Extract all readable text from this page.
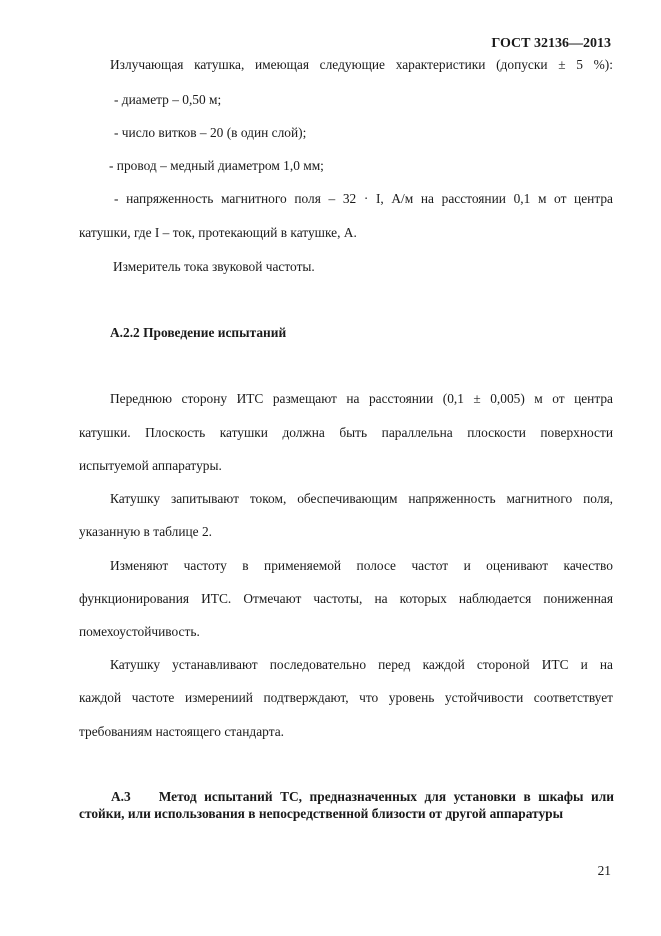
ГОСТ 32136—2013
Излучающая катушка, имеющая следующие характеристики (допуски ± 5 %):
- диаметр – 0,50 м;
- число витков – 20 (в один слой);
- провод – медный диаметром 1,0 мм;
- напряженность магнитного поля – 32 · I, А/м на расстоянии 0,1 м от центра
катушки, где I – ток, протекающий в катушке, А.
Измеритель тока звуковой частоты.
А.2.2 Проведение испытаний
Переднюю сторону ИТС размещают на расстоянии (0,1 ± 0,005) м от центра
катушки. Плоскость катушки должна быть параллельна плоскости поверхности
испытуемой аппаратуры.
Катушку запитывают током, обеспечивающим напряженность магнитного поля,
указанную в таблице 2.
Изменяют частоту в применяемой полосе частот и оценивают качество
функционирования ИТС. Отмечают частоты, на которых наблюдается пониженная
помехоустойчивость.
Катушку устанавливают последовательно перед каждой стороной ИТС и на
каждой частоте измерениий подтверждают, что уровень устойчивости соответствует
требованиям настоящего стандарта.
А.3 Метод испытаний ТС, предназначенных для установки в шкафы или стойки, или использования в непосредственной близости от другой аппаратуры
21
